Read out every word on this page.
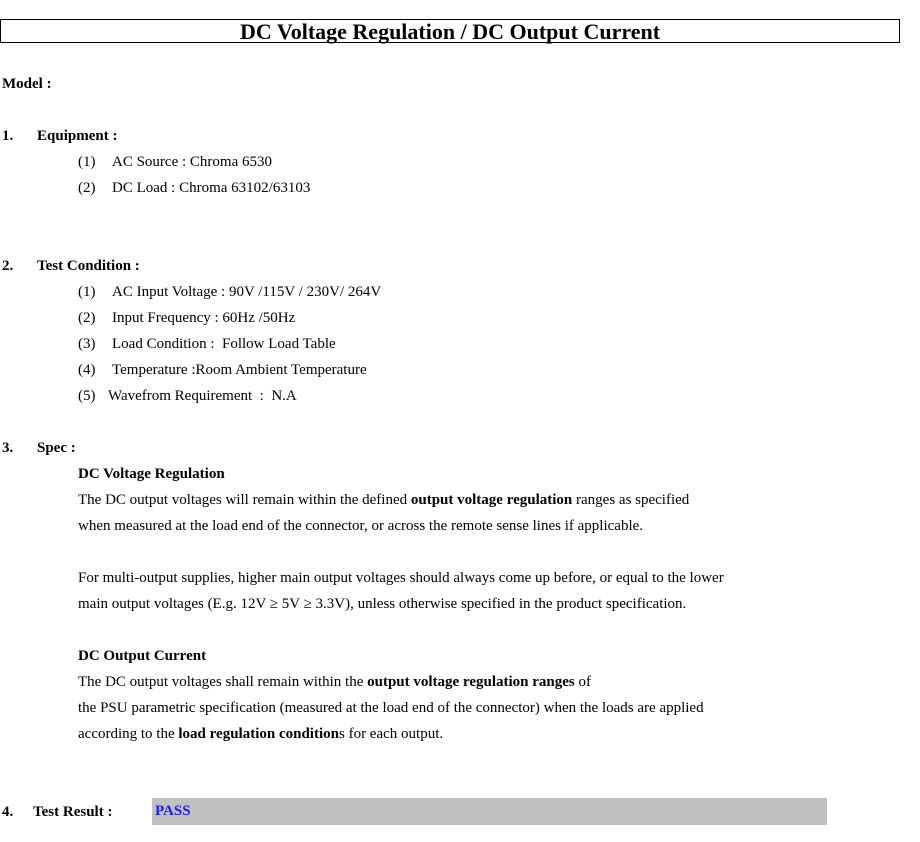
DC Voltage Regulation / DC Output Current
Model :
1. Equipment :
(1) AC Source : Chroma 6530
(2) DC Load : Chroma 63102/63103
2. Test Condition :
(1) AC Input Voltage : 90V /115V / 230V/ 264V
(2) Input Frequency : 60Hz /50Hz
(3) Load Condition :  Follow Load Table
(4) Temperature :Room Ambient Temperature
(5) Wavefrom Requirement  :  N.A
3. Spec :
DC Voltage Regulation
The DC output voltages will remain within the defined output voltage regulation ranges as specified
when measured at the load end of the connector, or across the remote sense lines if applicable.
For multi-output supplies, higher main output voltages should always come up before, or equal to the lower
main output voltages (E.g. 12V ≥ 5V ≥ 3.3V), unless otherwise specified in the product specification.
DC Output Current
The DC output voltages shall remain within the output voltage regulation ranges of
the PSU parametric specification (measured at the load end of the connector) when the loads are applied
according to the load regulation conditions for each output.
4. Test Result :	PASS
